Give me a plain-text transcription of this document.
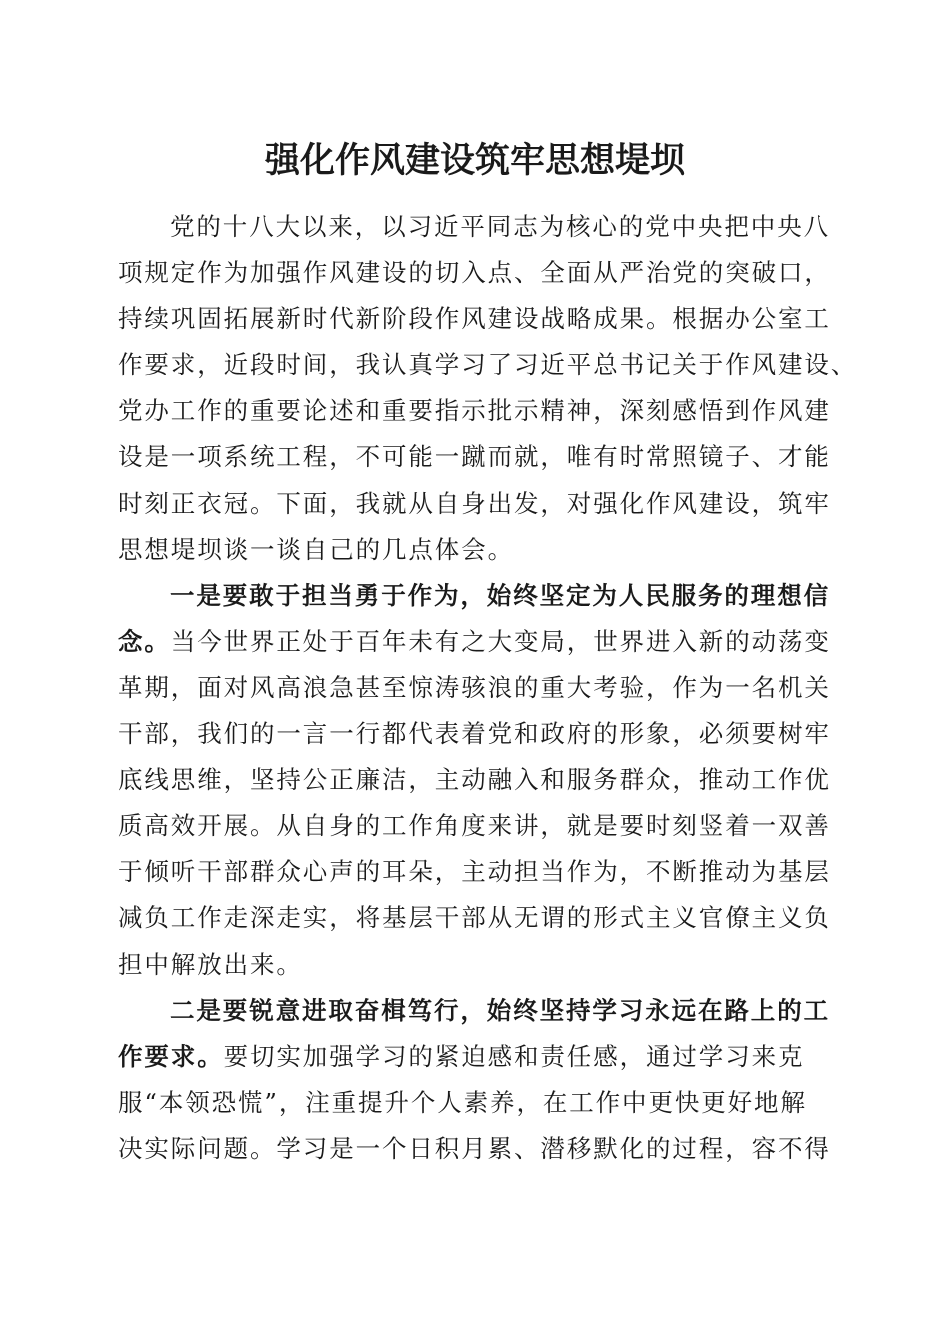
强化作风建设筑牢思想堤坝
党的十八大以来，以习近平同志为核心的党中央把中央八
项规定作为加强作风建设的切入点、全面从严治党的突破口，
持续巩固拓展新时代新阶段作风建设战略成果。根据办公室工
作要求，近段时间，我认真学习了习近平总书记关于作风建设、
党办工作的重要论述和重要指示批示精神，深刻感悟到作风建
设是一项系统工程，不可能一蹴而就，唯有时常照镜子、才能
时刻正衣冠。下面，我就从自身出发，对强化作风建设，筑牢
思想堤坝谈一谈自己的几点体会。
一是要敢于担当勇于作为，始终坚定为人民服务的理想信
念。当今世界正处于百年未有之大变局，世界进入新的动荡变
革期，面对风高浪急甚至惊涛骇浪的重大考验，作为一名机关
干部，我们的一言一行都代表着党和政府的形象，必须要树牢
底线思维，坚持公正廉洁，主动融入和服务群众，推动工作优
质高效开展。从自身的工作角度来讲，就是要时刻竖着一双善
于倾听干部群众心声的耳朵，主动担当作为，不断推动为基层
减负工作走深走实，将基层干部从无谓的形式主义官僚主义负
担中解放出来。
二是要锐意进取奋楫笃行，始终坚持学习永远在路上的工
作要求。要切实加强学习的紧迫感和责任感，通过学习来克
服“本领恐慌”，注重提升个人素养，在工作中更快更好地解
决实际问题。学习是一个日积月累、潜移默化的过程，容不得
